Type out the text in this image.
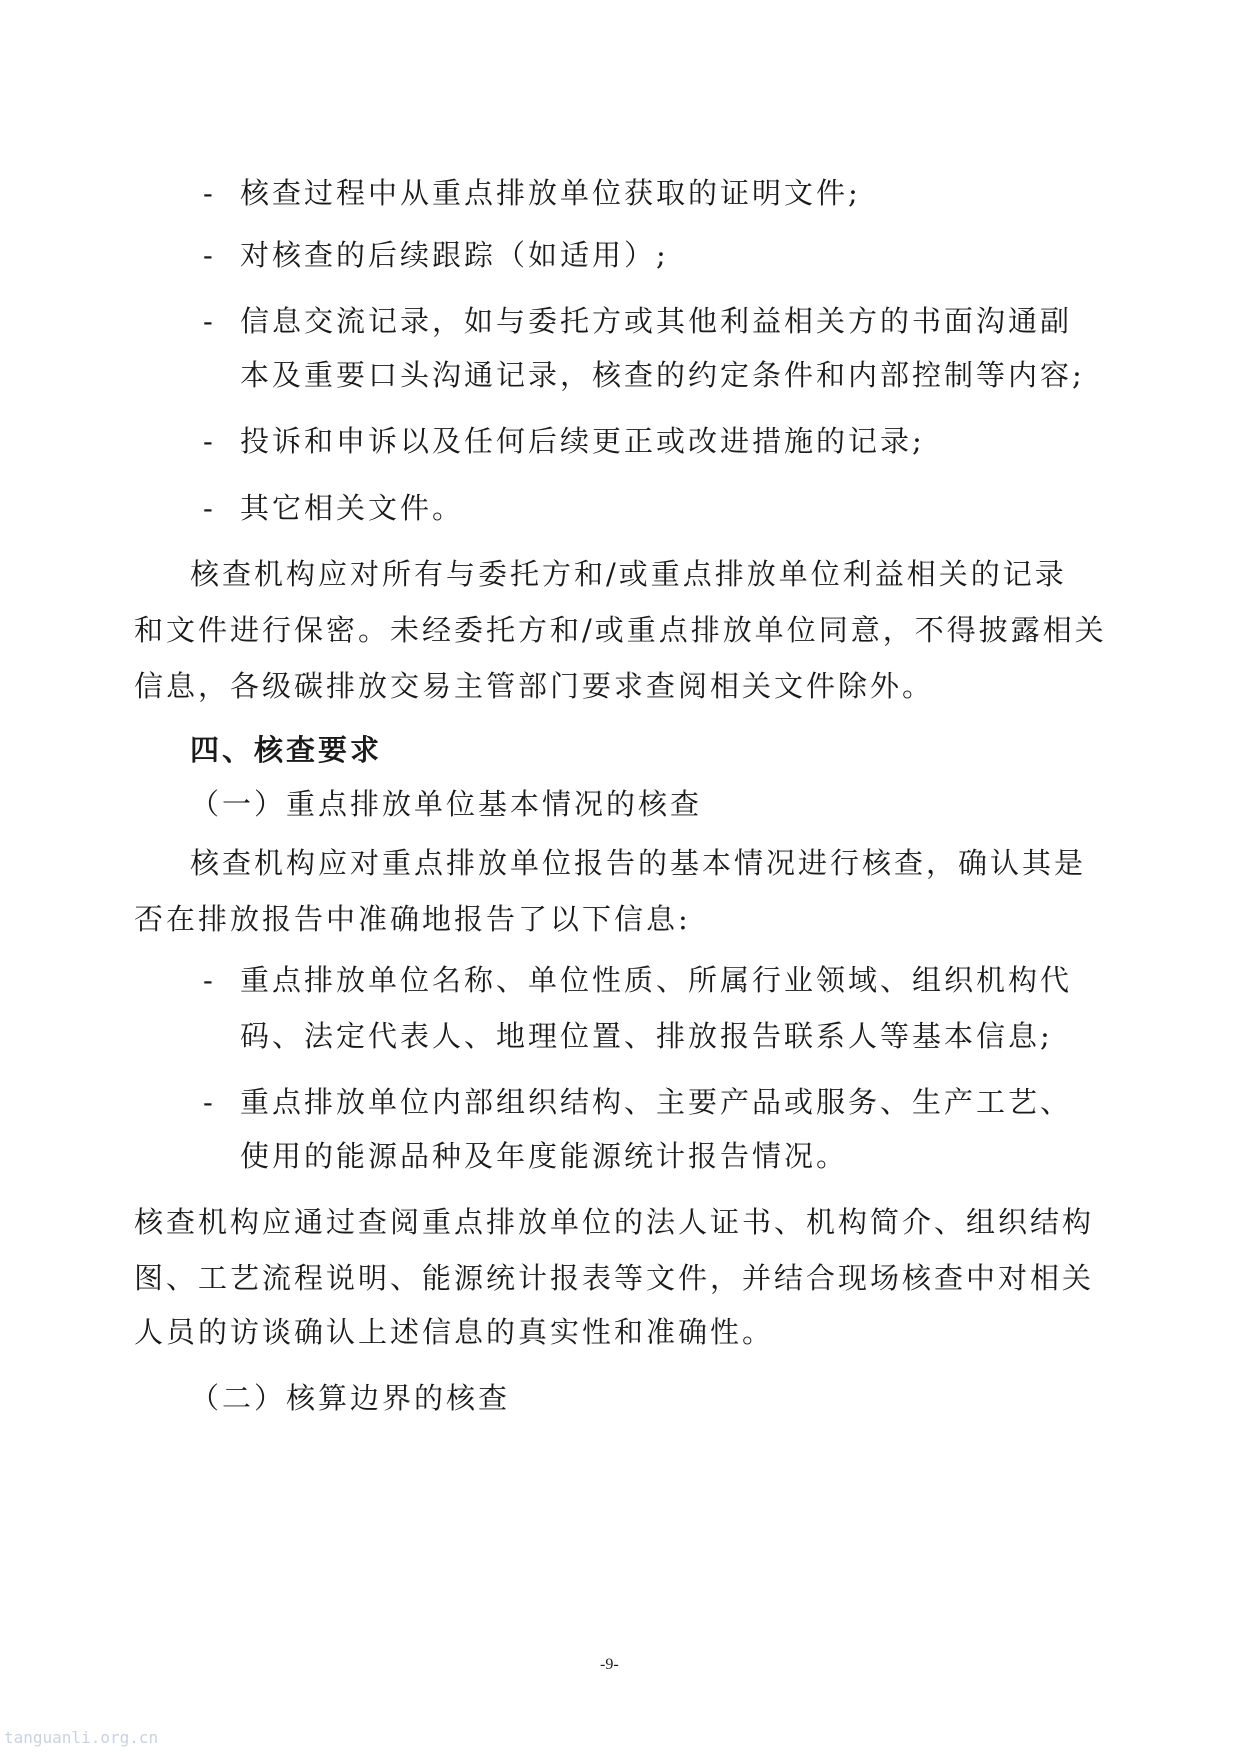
- 核查过程中从重点排放单位获取的证明文件;
- 对核查的后续跟踪（如适用）;
- 信息交流记录，如与委托方或其他利益相关方的书面沟通副
本及重要口头沟通记录，核查的约定条件和内部控制等内容;
- 投诉和申诉以及任何后续更正或改进措施的记录;
- 其它相关文件。
核查机构应对所有与委托方和/或重点排放单位利益相关的记录
和文件进行保密。未经委托方和/或重点排放单位同意，不得披露相关
信息，各级碳排放交易主管部门要求查阅相关文件除外。
四、核查要求
（一）重点排放单位基本情况的核查
核查机构应对重点排放单位报告的基本情况进行核查，确认其是
否在排放报告中准确地报告了以下信息:
- 重点排放单位名称、单位性质、所属行业领域、组织机构代
码、法定代表人、地理位置、排放报告联系人等基本信息;
- 重点排放单位内部组织结构、主要产品或服务、生产工艺、
使用的能源品种及年度能源统计报告情况。
核查机构应通过查阅重点排放单位的法人证书、机构简介、组织结构
图、工艺流程说明、能源统计报表等文件，并结合现场核查中对相关
人员的访谈确认上述信息的真实性和准确性。
（二）核算边界的核查
-9-
tanguanli.org.cn
